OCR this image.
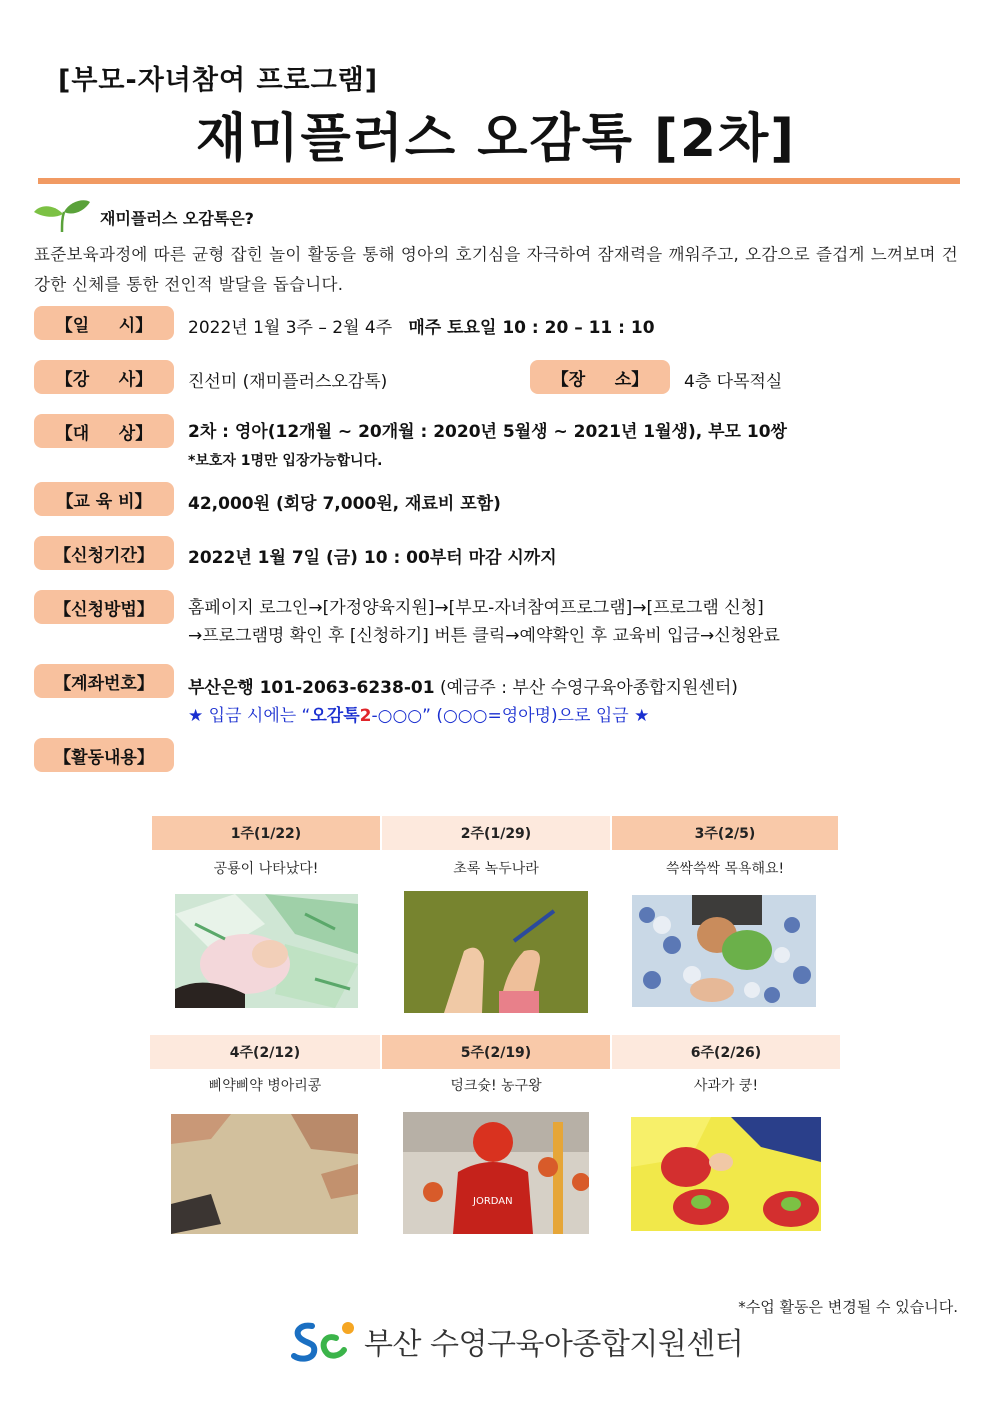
[부모-자녀참여 프로그램]
재미플러스 오감톡 [2차]
재미플러스 오감톡은?
표준보육과정에 따른 균형 잡힌 놀이 활동을 통해 영아의 호기심을 자극하여 잠재력을 깨워주고, 오감으로 즐겁게 느껴보며 건강한 신체를 통한 전인적 발달을 돕습니다.
【일     시】	2022년 1월 3주 – 2월 4주 매주 토요일 10 : 20 – 11 : 10
【강     사】	진선미 (재미플러스오감톡)	【장     소】	4층 다목적실
【대     상】	2차 : 영아(12개월 ~ 20개월 : 2020년 5월생 ~ 2021년 1월생), 부모 10쌍
*보호자 1명만 입장가능합니다.
【교 육 비】	42,000원 (회당 7,000원, 재료비 포함)
【신청기간】	2022년 1월 7일 (금) 10 : 00부터 마감 시까지
【신청방법】	홈페이지 로그인→[가정양육지원]→[부모-자녀참여프로그램]→[프로그램 신청]
→프로그램명 확인 후 [신청하기] 버튼 클릭→예약확인 후 교육비 입금→신청완료
【계좌번호】	부산은행 101-2063-6238-01 (예금주 : 부산 수영구육아종합지원센터)
★ 입금 시에는 “오감톡2-○○○” (○○○=영아명)으로 입금 ★
【활동내용】
1주(1/22)	2주(1/29)	3주(2/5)
공룡이 나타났다!	초록 녹두나라	쓱싹쓱싹 목욕해요!
4주(2/12)	5주(2/19)	6주(2/26)
삐약삐약 병아리콩	덩크슛! 농구왕	사과가 쿵!
JORDAN
*수업 활동은 변경될 수 있습니다.
부산 수영구육아종합지원센터
